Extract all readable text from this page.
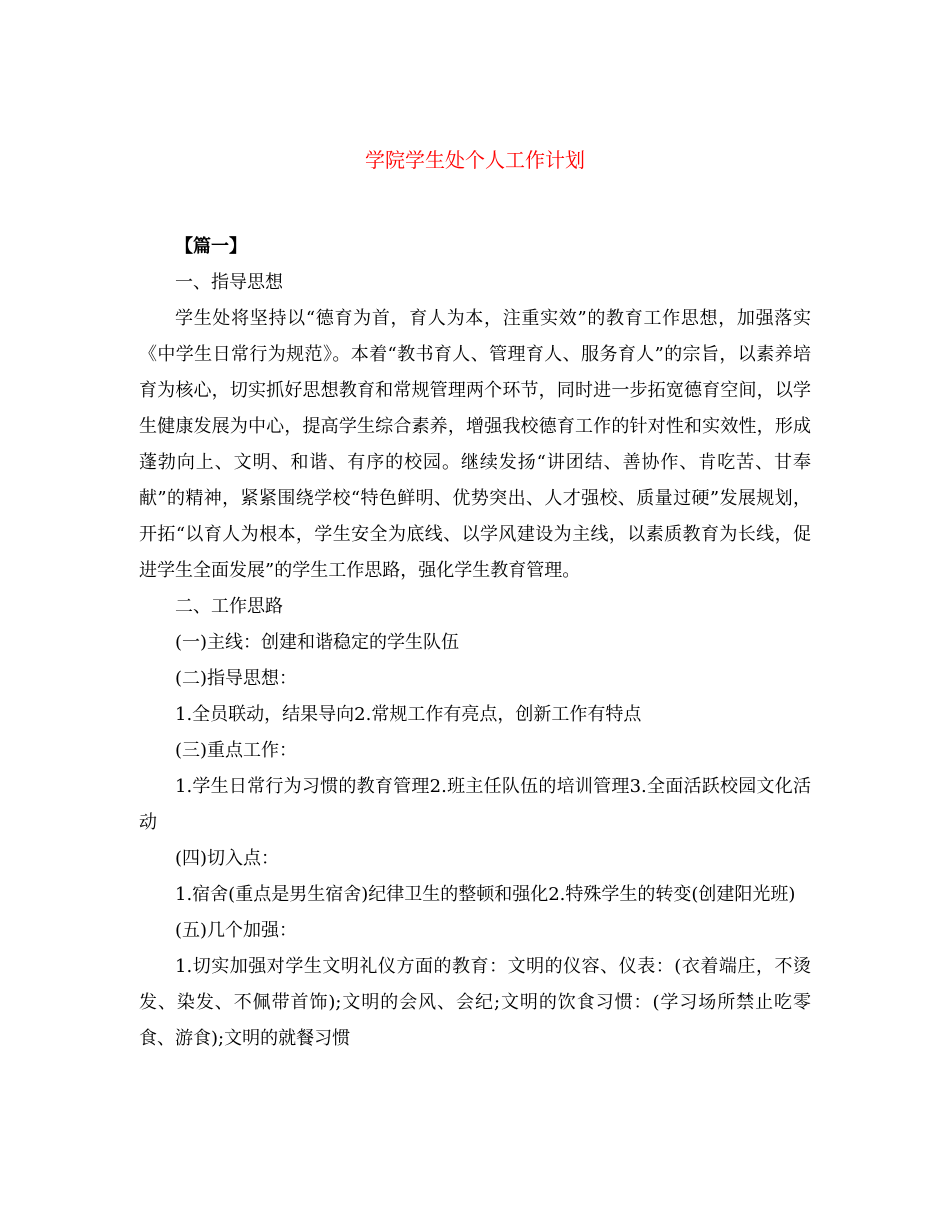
学院学生处个人工作计划

【篇一】

一、指导思想

学生处将坚持以“德育为首，育人为本，注重实效”的教育工作思想，加强落实《中学生日常行为规范》。本着“教书育人、管理育人、服务育人”的宗旨，以素养培育为核心，切实抓好思想教育和常规管理两个环节，同时进一步拓宽德育空间，以学生健康发展为中心，提高学生综合素养，增强我校德育工作的针对性和实效性，形成蓬勃向上、文明、和谐、有序的校园。继续发扬“讲团结、善协作、肯吃苦、甘奉献”的精神，紧紧围绕学校“特色鲜明、优势突出、人才强校、质量过硬”发展规划，开拓“以育人为根本，学生安全为底线、以学风建设为主线，以素质教育为长线，促进学生全面发展”的学生工作思路，强化学生教育管理。

二、工作思路

(一)主线：创建和谐稳定的学生队伍

(二)指导思想：

1.全员联动，结果导向2.常规工作有亮点，创新工作有特点

(三)重点工作：

1.学生日常行为习惯的教育管理2.班主任队伍的培训管理3.全面活跃校园文化活动

(四)切入点：

1.宿舍(重点是男生宿舍)纪律卫生的整顿和强化2.特殊学生的转变(创建阳光班)

(五)几个加强：

1.切实加强对学生文明礼仪方面的教育：文明的仪容、仪表：(衣着端庄，不烫发、染发、不佩带首饰);文明的会风、会纪;文明的饮食习惯：(学习场所禁止吃零食、游食);文明的就餐习惯
